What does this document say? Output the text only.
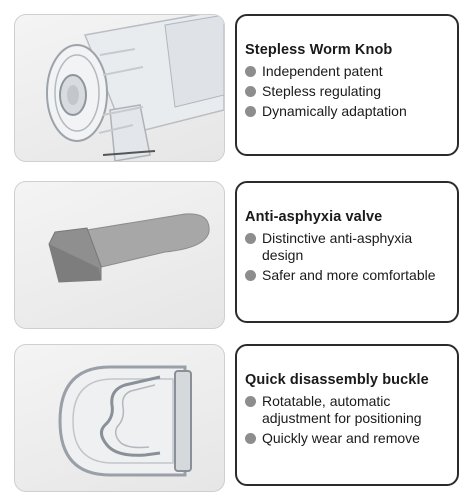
Stepless Worm Knob
Independent patent
Stepless regulating
Dynamically adaptation
Anti-asphyxia valve
Distinctive anti-asphyxia design
Safer and more comfortable
Quick disassembly buckle
Rotatable, automatic adjustment for positioning
Quickly wear and remove
